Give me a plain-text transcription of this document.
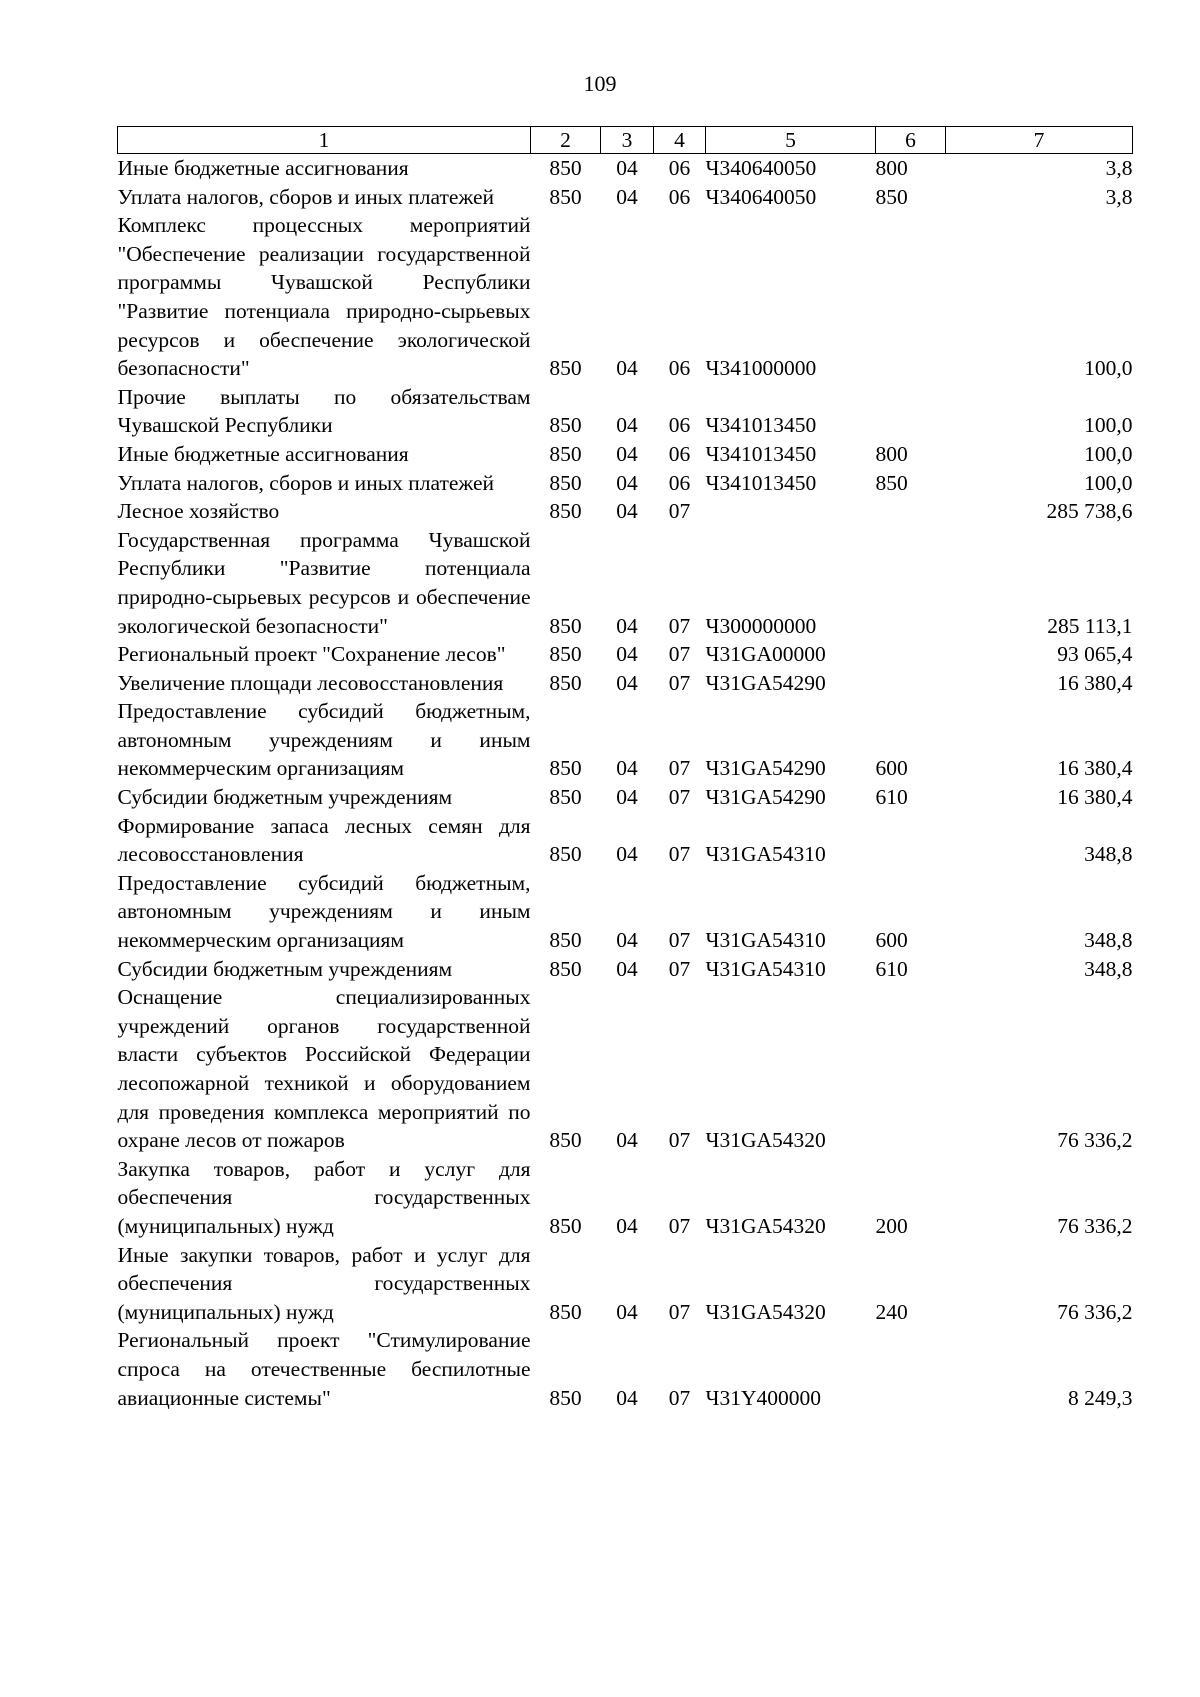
109
1	2	3	4	5	6	7
Иные бюджетные ассигнования	850	04	06	Ч340640050	800	3,8
Уплата налогов, сборов и иных платежей	850	04	06	Ч340640050	850	3,8
Комплекс процессных мероприятий "Обеспечение реализации государственной программы Чувашской Республики "Развитие потенциала природно-сырьевых ресурсов и обеспечение экологической безопасности"	850	04	06	Ч341000000		100,0
Прочие выплаты по обязательствам Чувашской Республики	850	04	06	Ч341013450		100,0
Иные бюджетные ассигнования	850	04	06	Ч341013450	800	100,0
Уплата налогов, сборов и иных платежей	850	04	06	Ч341013450	850	100,0
Лесное хозяйство	850	04	07			285 738,6
Государственная программа Чувашской Республики "Развитие потенциала природно-сырьевых ресурсов и обеспечение экологической безопасности"	850	04	07	Ч300000000		285 113,1
Региональный проект "Сохранение лесов"	850	04	07	Ч31GA00000		93 065,4
Увеличение площади лесовосстановления	850	04	07	Ч31GA54290		16 380,4
Предоставление субсидий бюджетным, автономным учреждениям и иным некоммерческим организациям	850	04	07	Ч31GA54290	600	16 380,4
Субсидии бюджетным учреждениям	850	04	07	Ч31GA54290	610	16 380,4
Формирование запаса лесных семян для лесовосстановления	850	04	07	Ч31GA54310		348,8
Предоставление субсидий бюджетным, автономным учреждениям и иным некоммерческим организациям	850	04	07	Ч31GA54310	600	348,8
Субсидии бюджетным учреждениям	850	04	07	Ч31GA54310	610	348,8
Оснащение специализированных учреждений органов государственной власти субъектов Российской Федерации лесопожарной техникой и оборудованием для проведения комплекса мероприятий по охране лесов от пожаров	850	04	07	Ч31GA54320		76 336,2
Закупка товаров, работ и услуг для обеспечения государственных (муниципальных) нужд	850	04	07	Ч31GA54320	200	76 336,2
Иные закупки товаров, работ и услуг для обеспечения государственных (муниципальных) нужд	850	04	07	Ч31GA54320	240	76 336,2
Региональный проект "Стимулирование спроса на отечественные беспилотные авиационные системы"	850	04	07	Ч31Y400000		8 249,3
